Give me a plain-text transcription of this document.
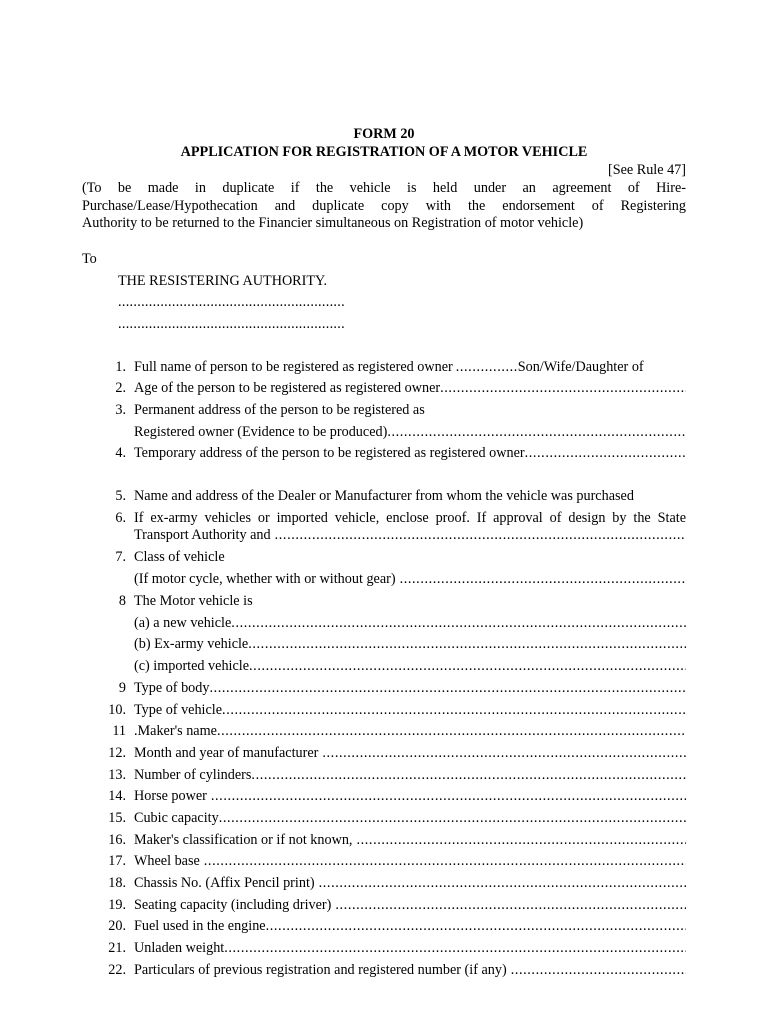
FORM 20
APPLICATION FOR REGISTRATION OF A MOTOR VEHICLE
[See Rule 47]
(To be made in duplicate if the vehicle is held under an agreement of Hire-
Purchase/Lease/Hypothecation and duplicate copy with the endorsement of Registering
Authority to be returned to the Financier simultaneous on Registration of motor vehicle)
To
THE RESISTERING AUTHORITY.
...........................................................
...........................................................
1. Full name of person to be registered as registered owner
.....	Son/Wife/Daughter of
2. Age of the person to be registered as registered owner
.....
3. Permanent address of the person to be registered as
Registered owner (Evidence to be produced)
.....
4. Temporary address of the person to be registered as registered owner
.....
5. Name and address of the Dealer or Manufacturer from whom the vehicle was purchased
6. If ex-army vehicles or imported vehicle, enclose proof. If approval of design by the State
Transport Authority and
.....
7. Class of vehicle
(If motor cycle, whether with or without gear)
.....
8 The Motor vehicle is
(a) a new vehicle
.....
(b) Ex-army vehicle
.....
(c) imported vehicle
.....
9 Type of body
.....
10. Type of vehicle
.....
11 .Maker's name
.....
12. Month and year of manufacturer
.....
13. Number of cylinders
.....
14. Horse power
.....
15. Cubic capacity
.....
16. Maker's classification or if not known,
.....
17. Wheel base
.....
18. Chassis No. (Affix Pencil print)
.....
19. Seating capacity (including driver)
.....
20. Fuel used in the engine
.....
21. Unladen weight
.....
22. Particulars of previous registration and registered number (if any)
.....
